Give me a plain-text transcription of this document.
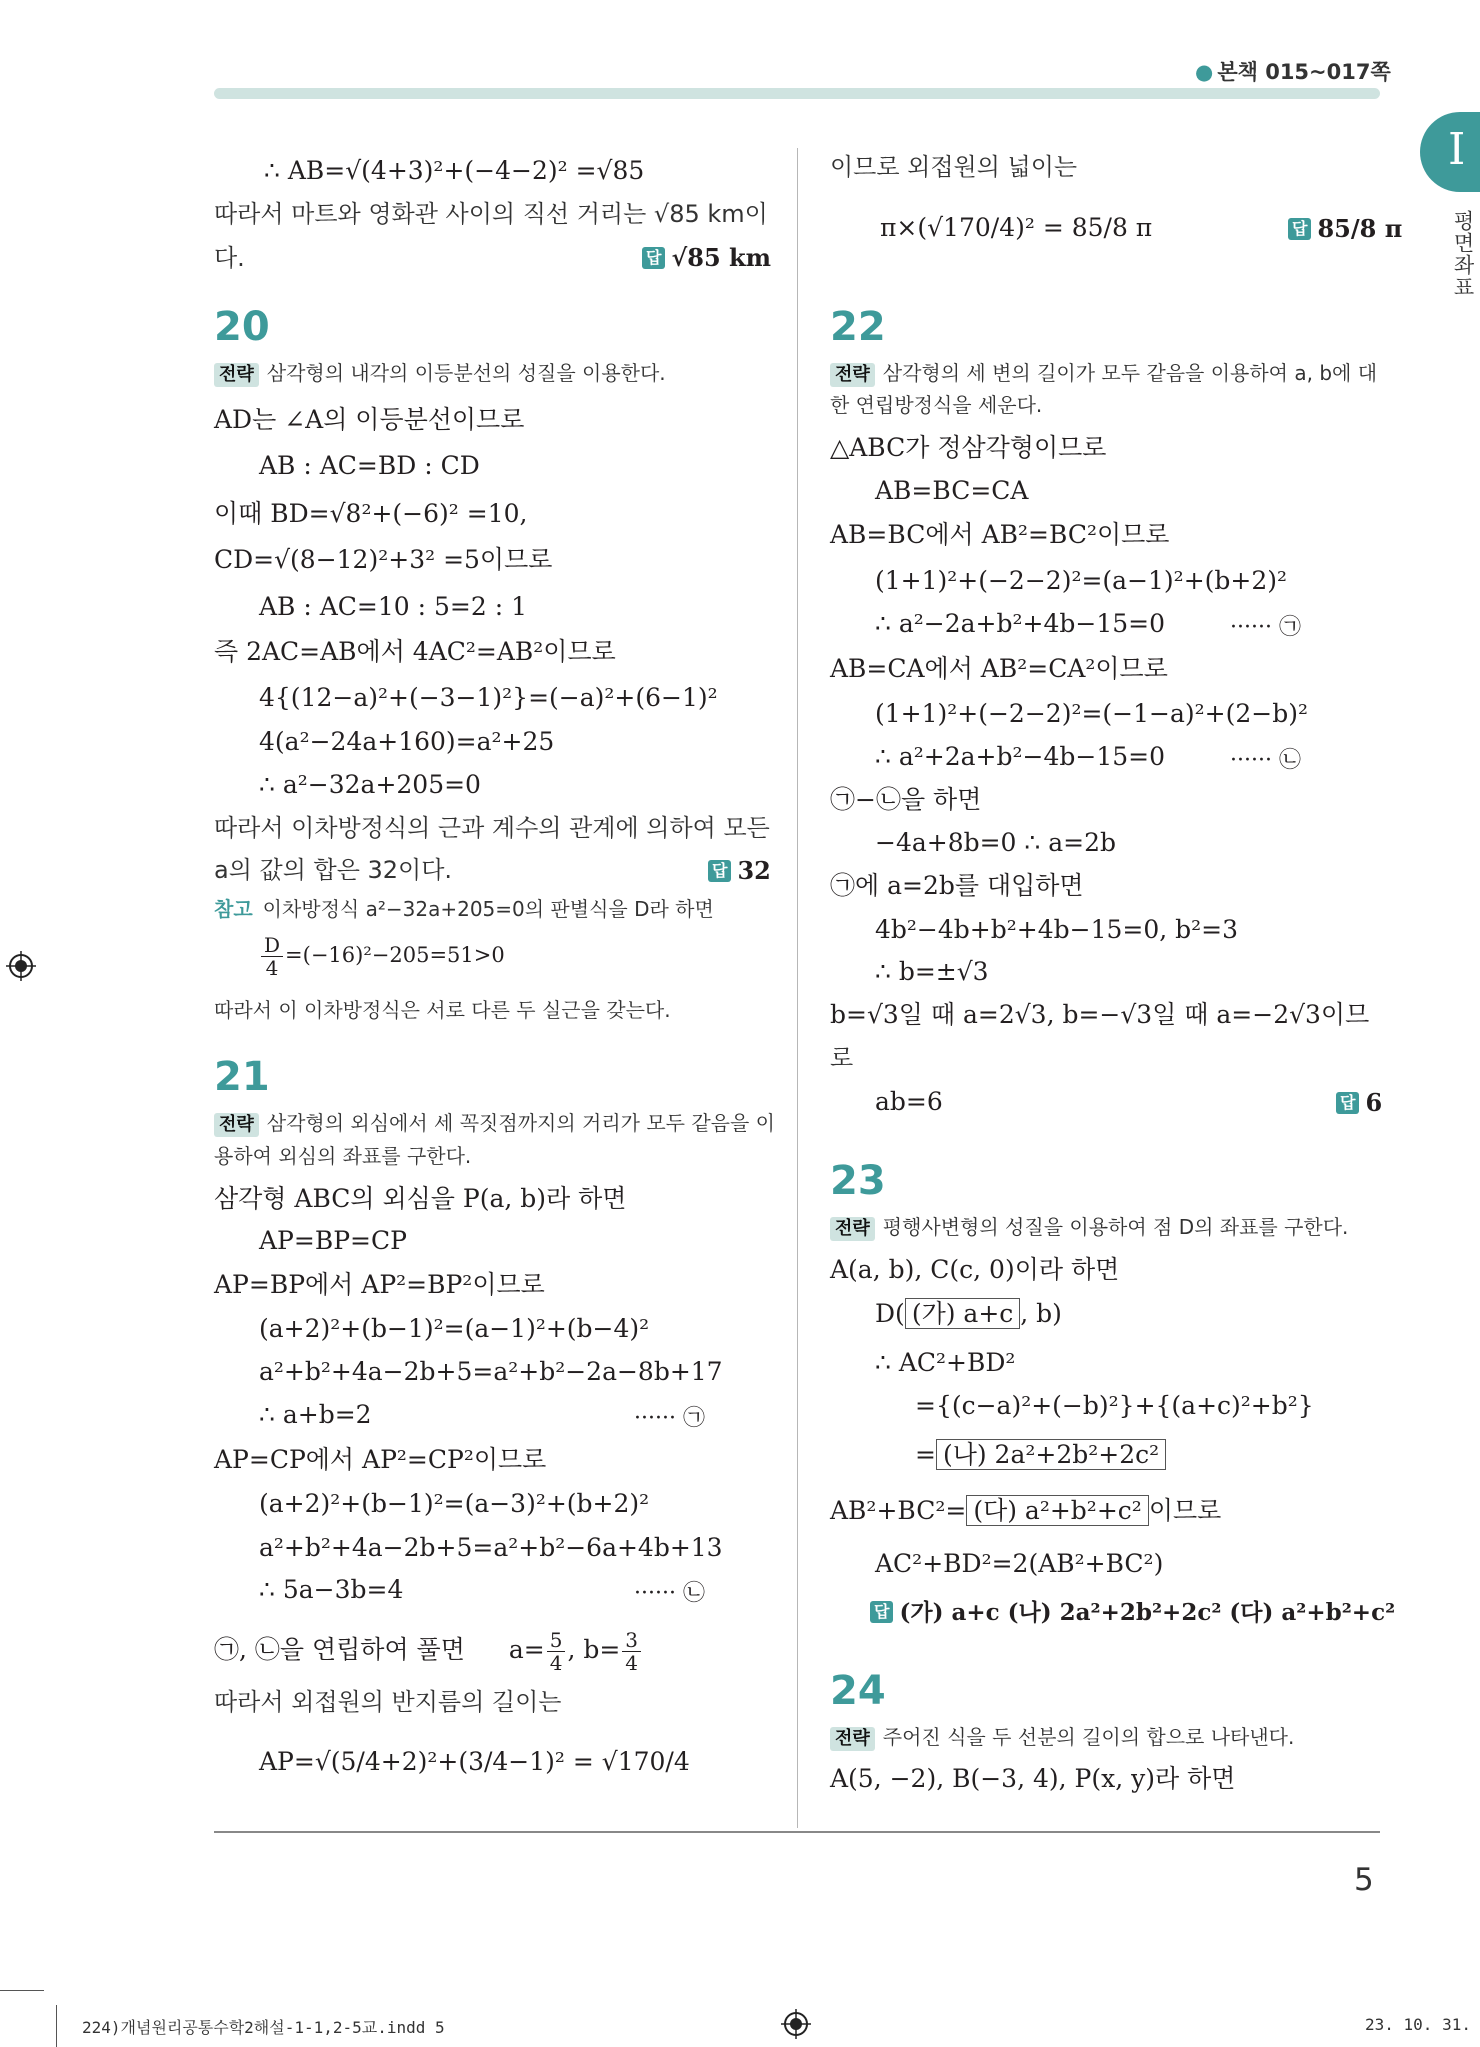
● 본책 015~017쪽
I
평면좌표
5
224)개념원리공통수학2해설-1-1,2-5교.indd 5	23. 10. 31.
∴ AB=√(4+3)²+(−4−2)² =√85
따라서 마트와 영화관 사이의 직선 거리는 √85 km이
다.	답 √85 km
20
전략 삼각형의 내각의 이등분선의 성질을 이용한다.
AD는 ∠A의 이등분선이므로
AB : AC=BD : CD
이때 BD=√8²+(−6)² =10,
CD=√(8−12)²+3² =5이므로
AB : AC=10 : 5=2 : 1
즉 2AC=AB에서 4AC²=AB²이므로
4{(12−a)²+(−3−1)²}=(−a)²+(6−1)²
4(a²−24a+160)=a²+25
∴ a²−32a+205=0
따라서 이차방정식의 근과 계수의 관계에 의하여 모든
a의 값의 합은 32이다.	답 32
참고 이차방정식 a²−32a+205=0의 판별식을 D라 하면
$\frac{D}{4} =(-16)^2-205=51>0$
따라서 이 이차방정식은 서로 다른 두 실근을 갖는다.
21
전략 삼각형의 외심에서 세 꼭짓점까지의 거리가 모두 같음을 이
용하여 외심의 좌표를 구한다.
삼각형 ABC의 외심을 P(a, b)라 하면
AP=BP=CP
AP=BP에서 AP²=BP²이므로
(a+2)²+(b−1)²=(a−1)²+(b−4)²
a²+b²+4a−2b+5=a²+b²−2a−8b+17
∴ a+b=2	······ ㉠
AP=CP에서 AP²=CP²이므로
(a+2)²+(b−1)²=(a−3)²+(b+2)²
a²+b²+4a−2b+5=a²+b²−6a+4b+13
∴ 5a−3b=4	······ ㉡
㉠, ㉡을 연립하여 풀면 $a= \frac{5}{4}$ , $b= \frac{3}{4}$
따라서 외접원의 반지름의 길이는
AP=√(5/4+2)²+(3/4−1)² = √170/4
이므로 외접원의 넓이는
π×(√170/4)² = 85/8 π	답 85/8 π
22
전략 삼각형의 세 변의 길이가 모두 같음을 이용하여 a, b에 대
한 연립방정식을 세운다.
△ABC가 정삼각형이므로
AB=BC=CA
AB=BC에서 AB²=BC²이므로
(1+1)²+(−2−2)²=(a−1)²+(b+2)²
∴ a²−2a+b²+4b−15=0	······ ㉠
AB=CA에서 AB²=CA²이므로
(1+1)²+(−2−2)²=(−1−a)²+(2−b)²
∴ a²+2a+b²−4b−15=0	······ ㉡
㉠−㉡을 하면
−4a+8b=0 ∴ a=2b
㉠에 a=2b를 대입하면
4b²−4b+b²+4b−15=0, b²=3
∴ b=±√3
b=√3일 때 a=2√3, b=−√3일 때 a=−2√3이므
로
ab=6	답 6
23
전략 평행사변형의 성질을 이용하여 점 D의 좌표를 구한다.
A(a, b), C(c, 0)이라 하면
D( (가) a+c , b)
∴ AC²+BD²
={(c−a)²+(−b)²}+{(a+c)²+b²}
= (나) 2a²+2b²+2c²
AB²+BC²= (다) a²+b²+c² 이므로
AC²+BD²=2(AB²+BC²)
답 (가) a+c (나) 2a²+2b²+2c² (다) a²+b²+c²
24
전략 주어진 식을 두 선분의 길이의 합으로 나타낸다.
A(5, −2), B(−3, 4), P(x, y)라 하면
